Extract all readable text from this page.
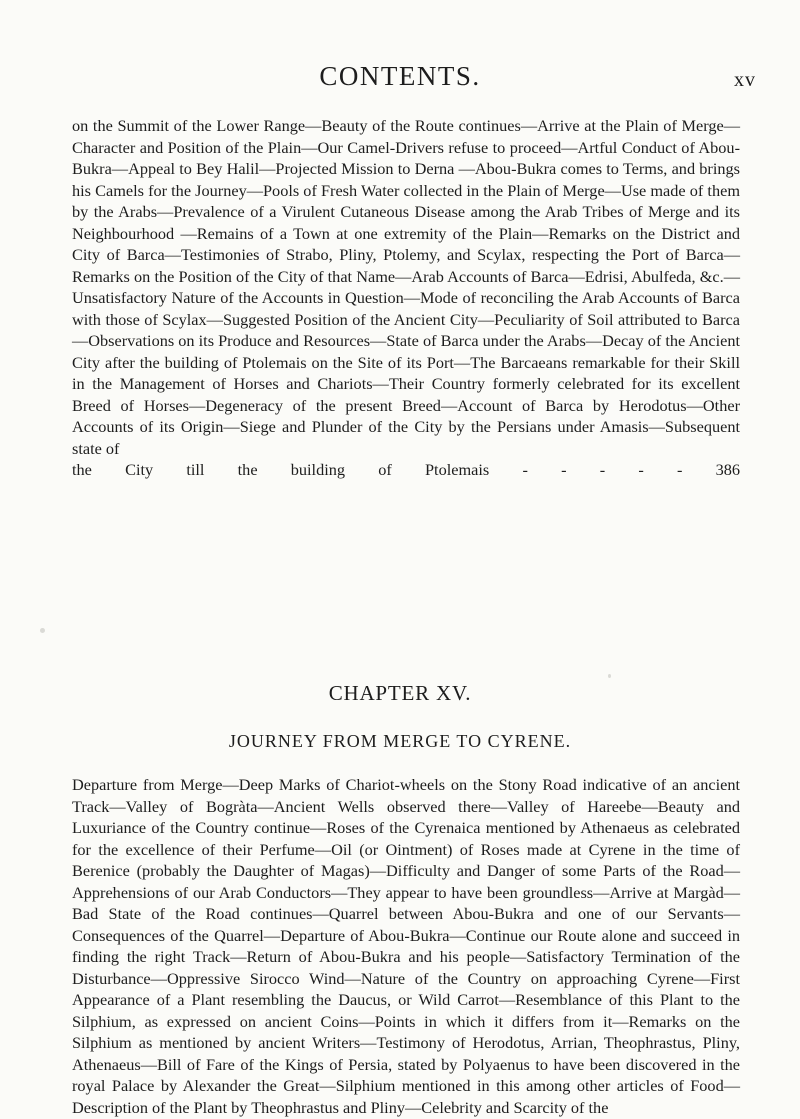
CONTENTS.	xv
on the Summit of the Lower Range—Beauty of the Route continues—Arrive at the Plain of Merge—Character and Position of the Plain—Our Camel-Drivers refuse to proceed—Artful Conduct of Abou-Bukra—Appeal to Bey Halil—Projected Mission to Derna —Abou-Bukra comes to Terms, and brings his Camels for the Journey—Pools of Fresh Water collected in the Plain of Merge—Use made of them by the Arabs—Prevalence of a Virulent Cutaneous Disease among the Arab Tribes of Merge and its Neighbourhood —Remains of a Town at one extremity of the Plain—Remarks on the District and City of Barca—Testimonies of Strabo, Pliny, Ptolemy, and Scylax, respecting the Port of Barca—Remarks on the Position of the City of that Name—Arab Accounts of Barca—Edrisi, Abulfeda, &c.—Unsatisfactory Nature of the Accounts in Question—Mode of reconciling the Arab Accounts of Barca with those of Scylax—Suggested Position of the Ancient City—Peculiarity of Soil attributed to Barca—Observations on its Produce and Resources—State of Barca under the Arabs—Decay of the Ancient City after the building of Ptolemais on the Site of its Port—The Barcaeans remarkable for their Skill in the Management of Horses and Chariots—Their Country formerly celebrated for its excellent Breed of Horses—Degeneracy of the present Breed—Account of Barca by Herodotus—Other Accounts of its Origin—Siege and Plunder of the City by the Persians under Amasis—Subsequent state of
the City till the building of Ptolemais - - - - - 386
CHAPTER XV.
JOURNEY FROM MERGE TO CYRENE.

Departure from Merge—Deep Marks of Chariot-wheels on the Stony Road indicative of an ancient Track—Valley of Bogràta—Ancient Wells observed there—Valley of Hareebe—Beauty and Luxuriance of the Country continue—Roses of the Cyrenaica mentioned by Athenaeus as celebrated for the excellence of their Perfume—Oil (or Ointment) of Roses made at Cyrene in the time of Berenice (probably the Daughter of Magas)—Difficulty and Danger of some Parts of the Road—Apprehensions of our Arab Conductors—They appear to have been groundless—Arrive at Margàd—Bad State of the Road continues—Quarrel between Abou-Bukra and one of our Servants—Consequences of the Quarrel—Departure of Abou-Bukra—Continue our Route alone and succeed in finding the right Track—Return of Abou-Bukra and his people—Satisfactory Termination of the Disturbance—Oppressive Sirocco Wind—Nature of the Country on approaching Cyrene—First Appearance of a Plant resembling the Daucus, or Wild Carrot—Resemblance of this Plant to the Silphium, as expressed on ancient Coins—Points in which it differs from it—Remarks on the Silphium as mentioned by ancient Writers—Testimony of Herodotus, Arrian, Theophrastus, Pliny, Athenaeus—Bill of Fare of the Kings of Persia, stated by Polyaenus to have been discovered in the royal Palace by Alexander the Great—Silphium mentioned in this among other articles of Food—Description of the Plant by Theophrastus and Pliny—Celebrity and Scarcity of the
